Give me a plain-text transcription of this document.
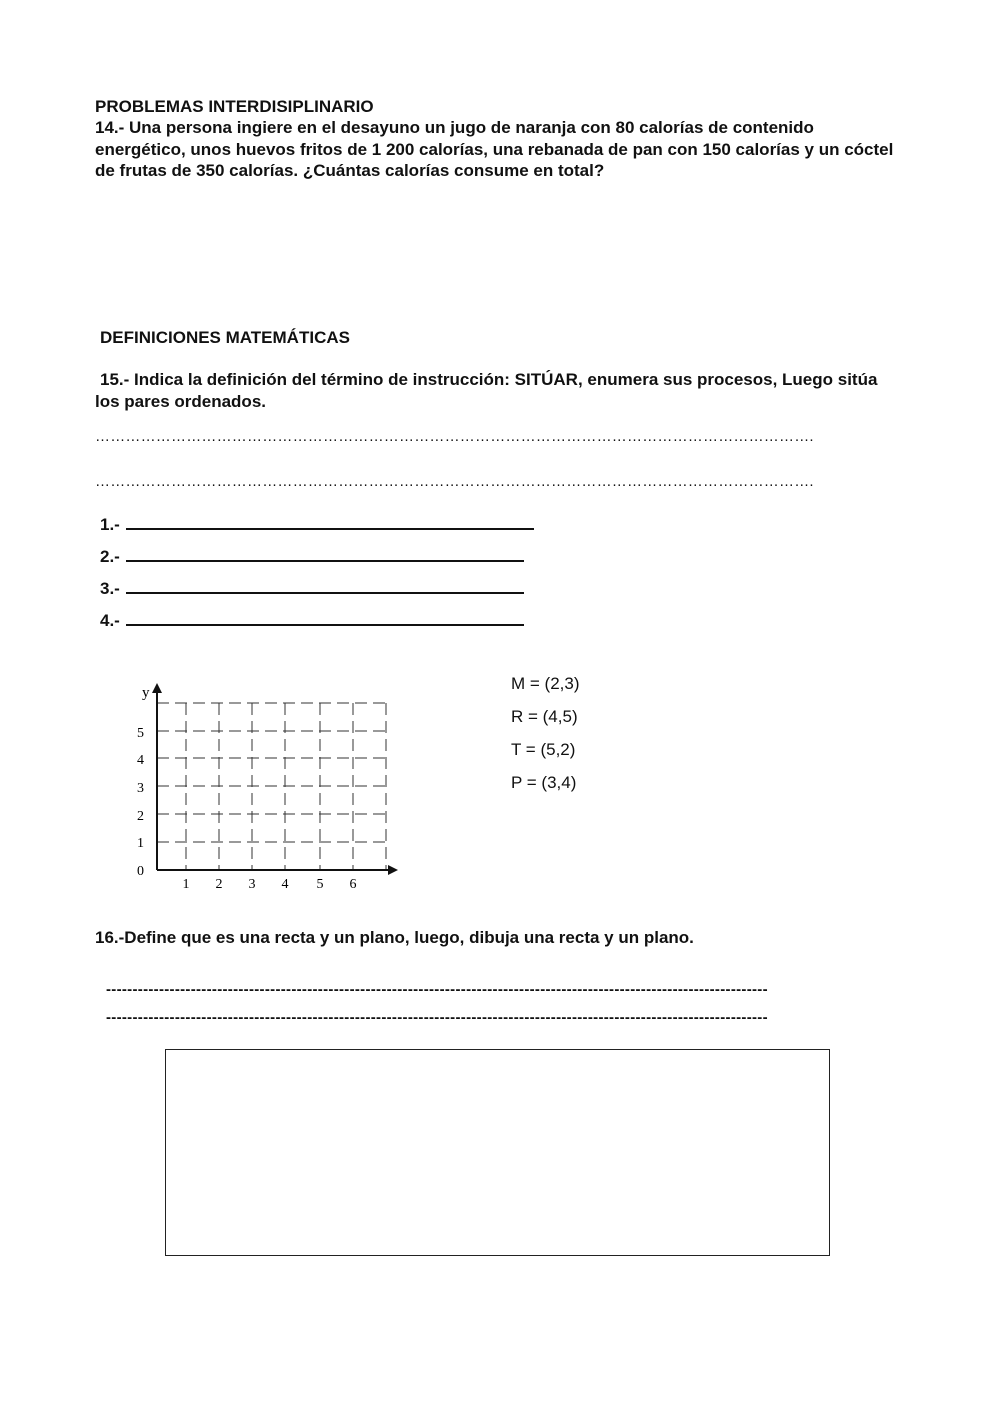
PROBLEMAS INTERDISIPLINARIO
14.- Una persona ingiere en el desayuno un jugo de naranja con 80 calorías de contenido energético, unos huevos fritos de 1 200 calorías, una rebanada de pan con 150 calorías y un cóctel de frutas de 350 calorías. ¿Cuántas calorías consume en total?
DEFINICIONES MATEMÁTICAS
15.- Indica la definición del término de instrucción: SITÚAR, enumera sus procesos, Luego sitúa los pares ordenados.
…………………………………………………………………………………………………………………………….
…………………………………………………………………………………………………………………………….
1.-
2.-
3.-
4.-
y
0
1 2 3 4 5 6
1
2
3
4
5
M = (2,3)
R = (4,5)
T = (5,2)
P = (3,4)
16.-Define que es una recta y un plano, luego, dibuja una recta y un plano.
-----------------------------------------------------------------------------------------------------------------------------
-----------------------------------------------------------------------------------------------------------------------------
